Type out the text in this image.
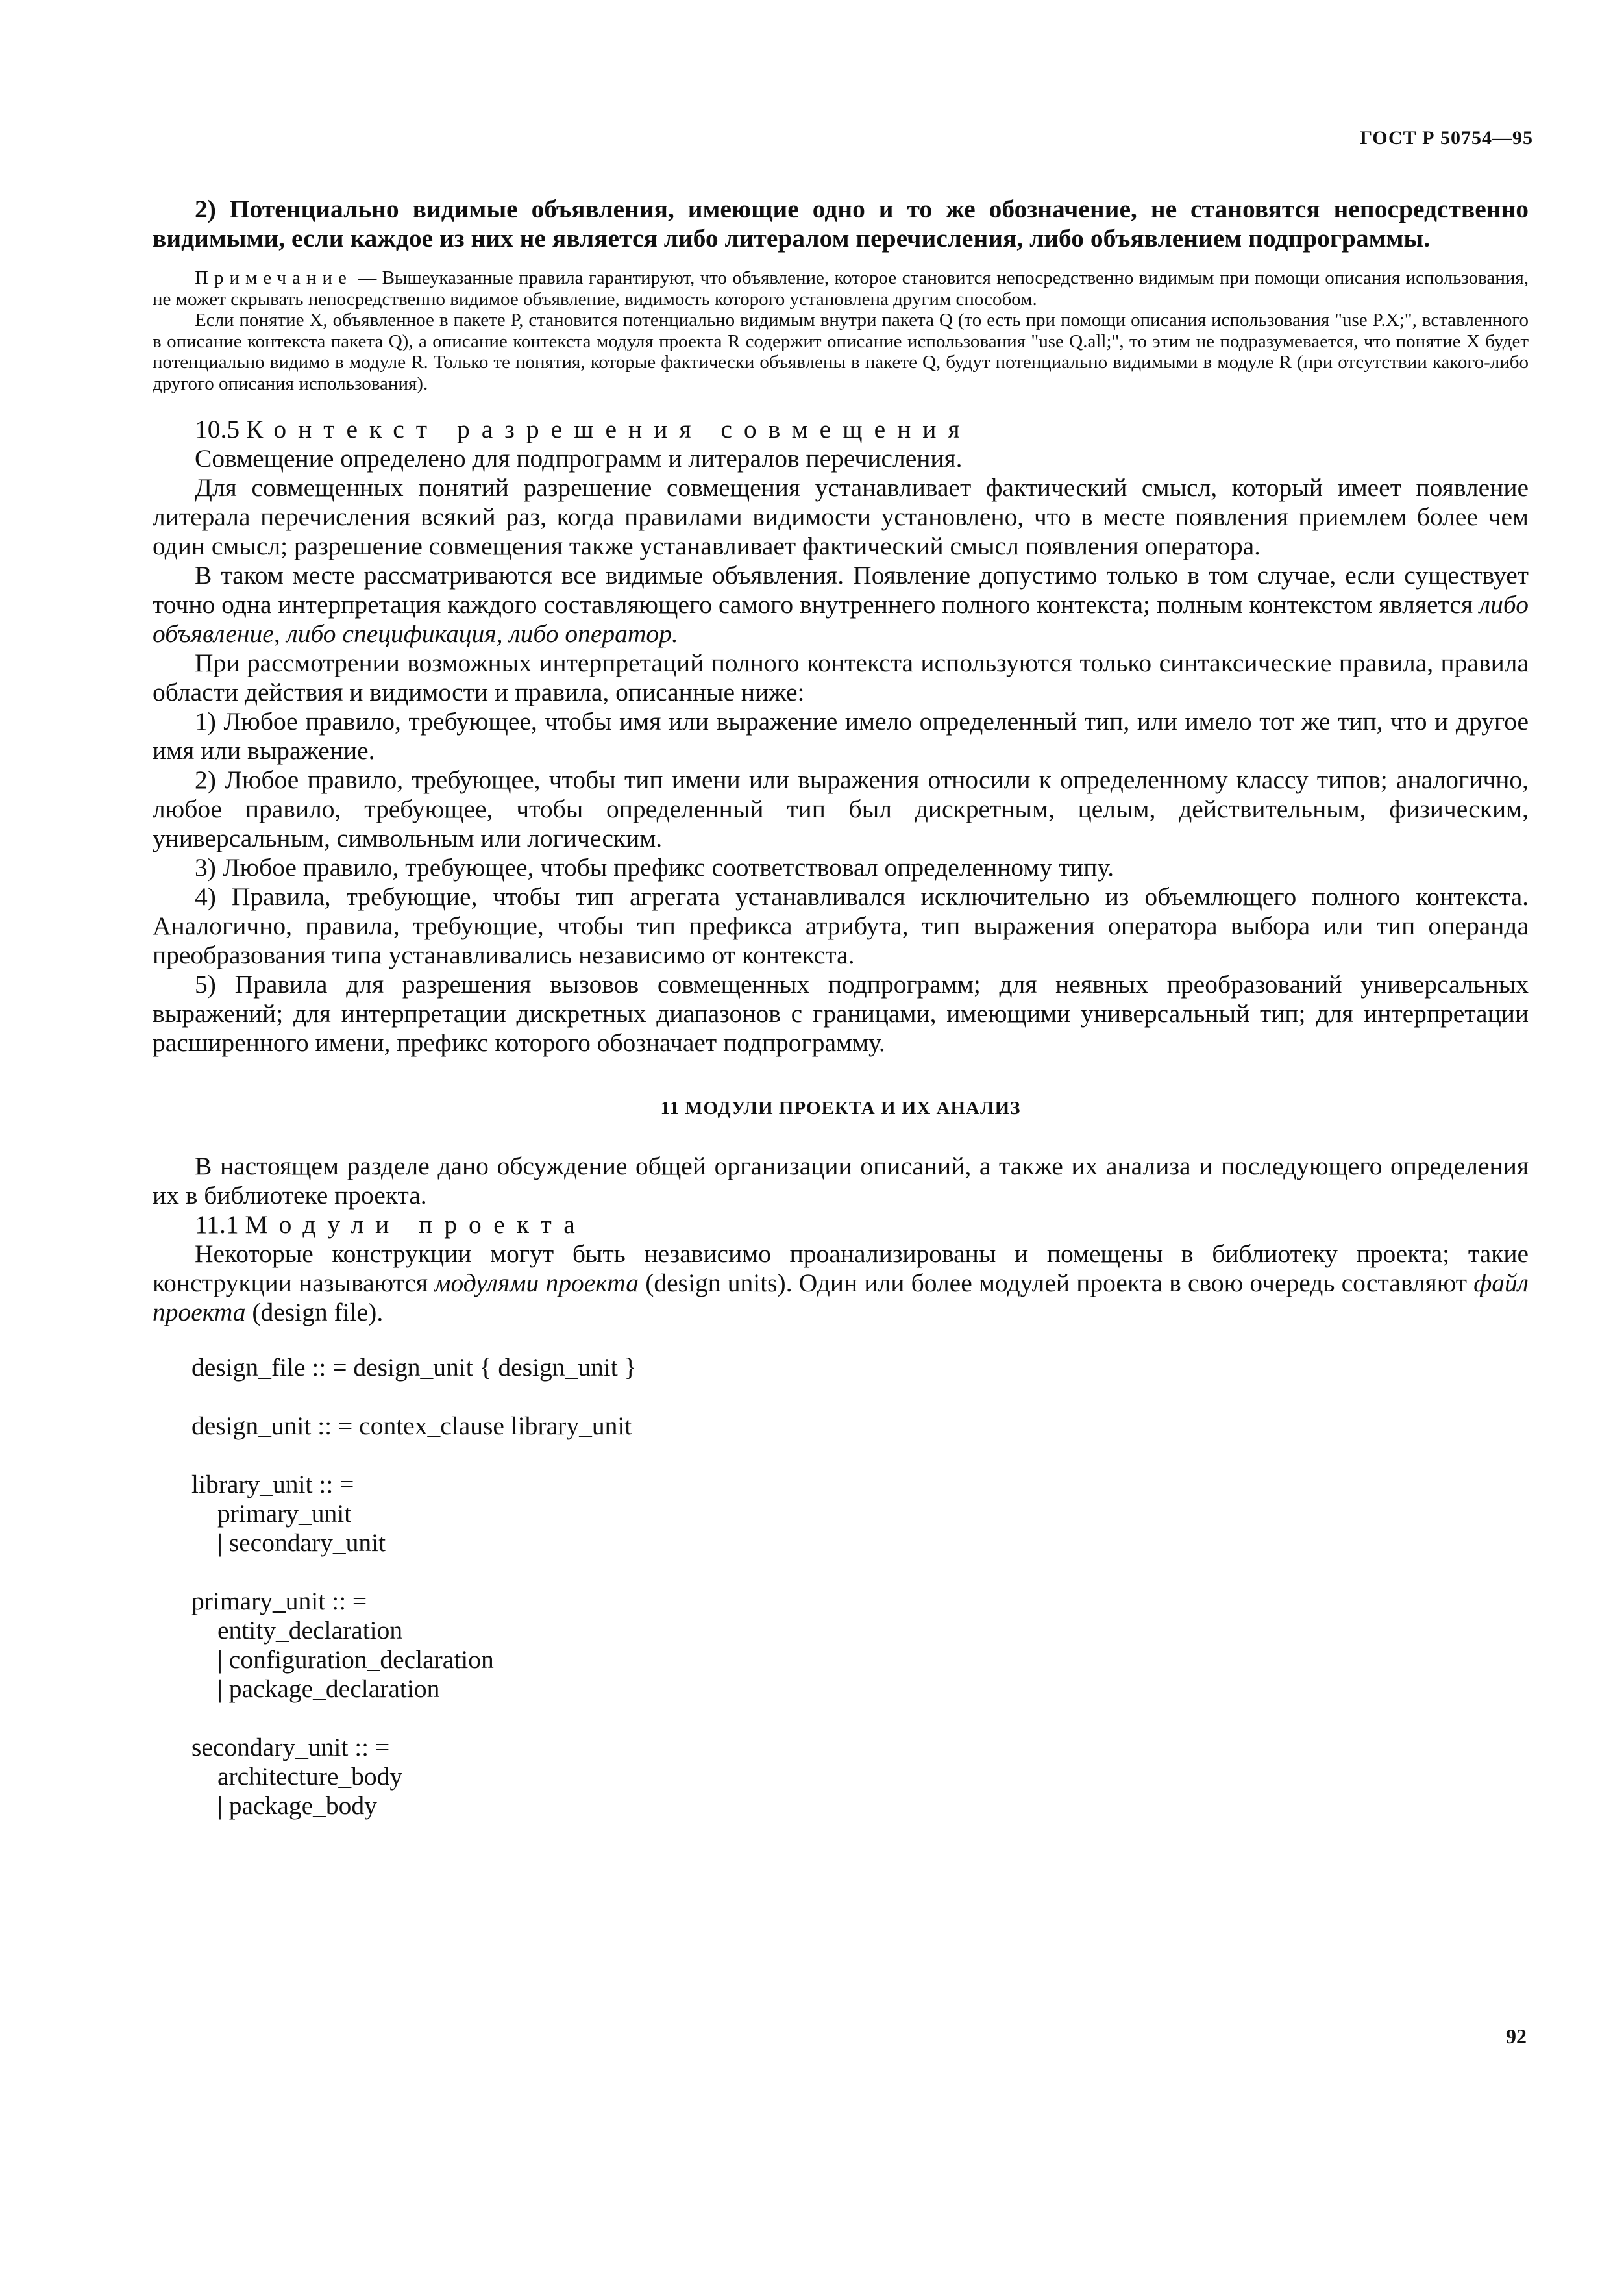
ГОСТ Р 50754—95

2) Потенциально видимые объявления, имеющие одно и то же обозначение, не становятся непосредственно видимыми, если каждое из них не является либо литералом перечисления, либо объявлением подпрограммы.

Примечание — Вышеуказанные правила гарантируют, что объявление, которое становится непосредственно видимым при помощи описания использования, не может скрывать непосредственно видимое объявление, видимость которого установлена другим способом.

Если понятие X, объявленное в пакете Р, становится потенциально видимым внутри пакета Q (то есть при помощи описания использования "use P.X;", вставленного в описание контекста пакета Q), а описание контекста модуля проекта R содержит описание использования "use Q.all;", то этим не подразумевается, что понятие X будет потенциально видимо в модуле R. Только те понятия, которые фактически объявлены в пакете Q, будут потенциально видимыми в модуле R (при отсутствии какого-либо другого описания использования).

10.5 Контекст разрешения совмещения

Совмещение определено для подпрограмм и литералов перечисления.

Для совмещенных понятий разрешение совмещения устанавливает фактический смысл, который имеет появление литерала перечисления всякий раз, когда правилами видимости установлено, что в месте появления приемлем более чем один смысл; разрешение совмещения также устанавливает фактический смысл появления оператора.

В таком месте рассматриваются все видимые объявления. Появление допустимо только в том случае, если существует точно одна интерпретация каждого составляющего самого внутреннего полного контекста; полным контекстом является либо объявление, либо спецификация, либо оператор.

При рассмотрении возможных интерпретаций полного контекста используются только синтаксические правила, правила области действия и видимости и правила, описанные ниже:

1) Любое правило, требующее, чтобы имя или выражение имело определенный тип, или имело тот же тип, что и другое имя или выражение.

2) Любое правило, требующее, чтобы тип имени или выражения относили к определенному классу типов; аналогично, любое правило, требующее, чтобы определенный тип был дискретным, целым, действительным, физическим, универсальным, символьным или логическим.

3) Любое правило, требующее, чтобы префикс соответствовал определенному типу.

4) Правила, требующие, чтобы тип агрегата устанавливался исключительно из объемлющего полного контекста. Аналогично, правила, требующие, чтобы тип префикса атрибута, тип выражения оператора выбора или тип операнда преобразования типа устанавливались независимо от контекста.

5) Правила для разрешения вызовов совмещенных подпрограмм; для неявных преобразований универсальных выражений; для интерпретации дискретных диапазонов с границами, имеющими универсальный тип; для интерпретации расширенного имени, префикс которого обозначает подпрограмму.

11 МОДУЛИ ПРОЕКТА И ИХ АНАЛИЗ

В настоящем разделе дано обсуждение общей организации описаний, а также их анализа и последующего определения их в библиотеке проекта.

11.1 Модули проекта

Некоторые конструкции могут быть независимо проанализированы и помещены в библиотеку проекта; такие конструкции называются модулями проекта (design units). Один или более модулей проекта в свою очередь составляют файл проекта (design file).

design_file :: = design_unit { design_unit }
design_unit :: = contex_clause library_unit
library_unit :: =
primary_unit
| secondary_unit
primary_unit :: =
entity_declaration
| configuration_declaration
| package_declaration
secondary_unit :: =
architecture_body
| package_body
92
